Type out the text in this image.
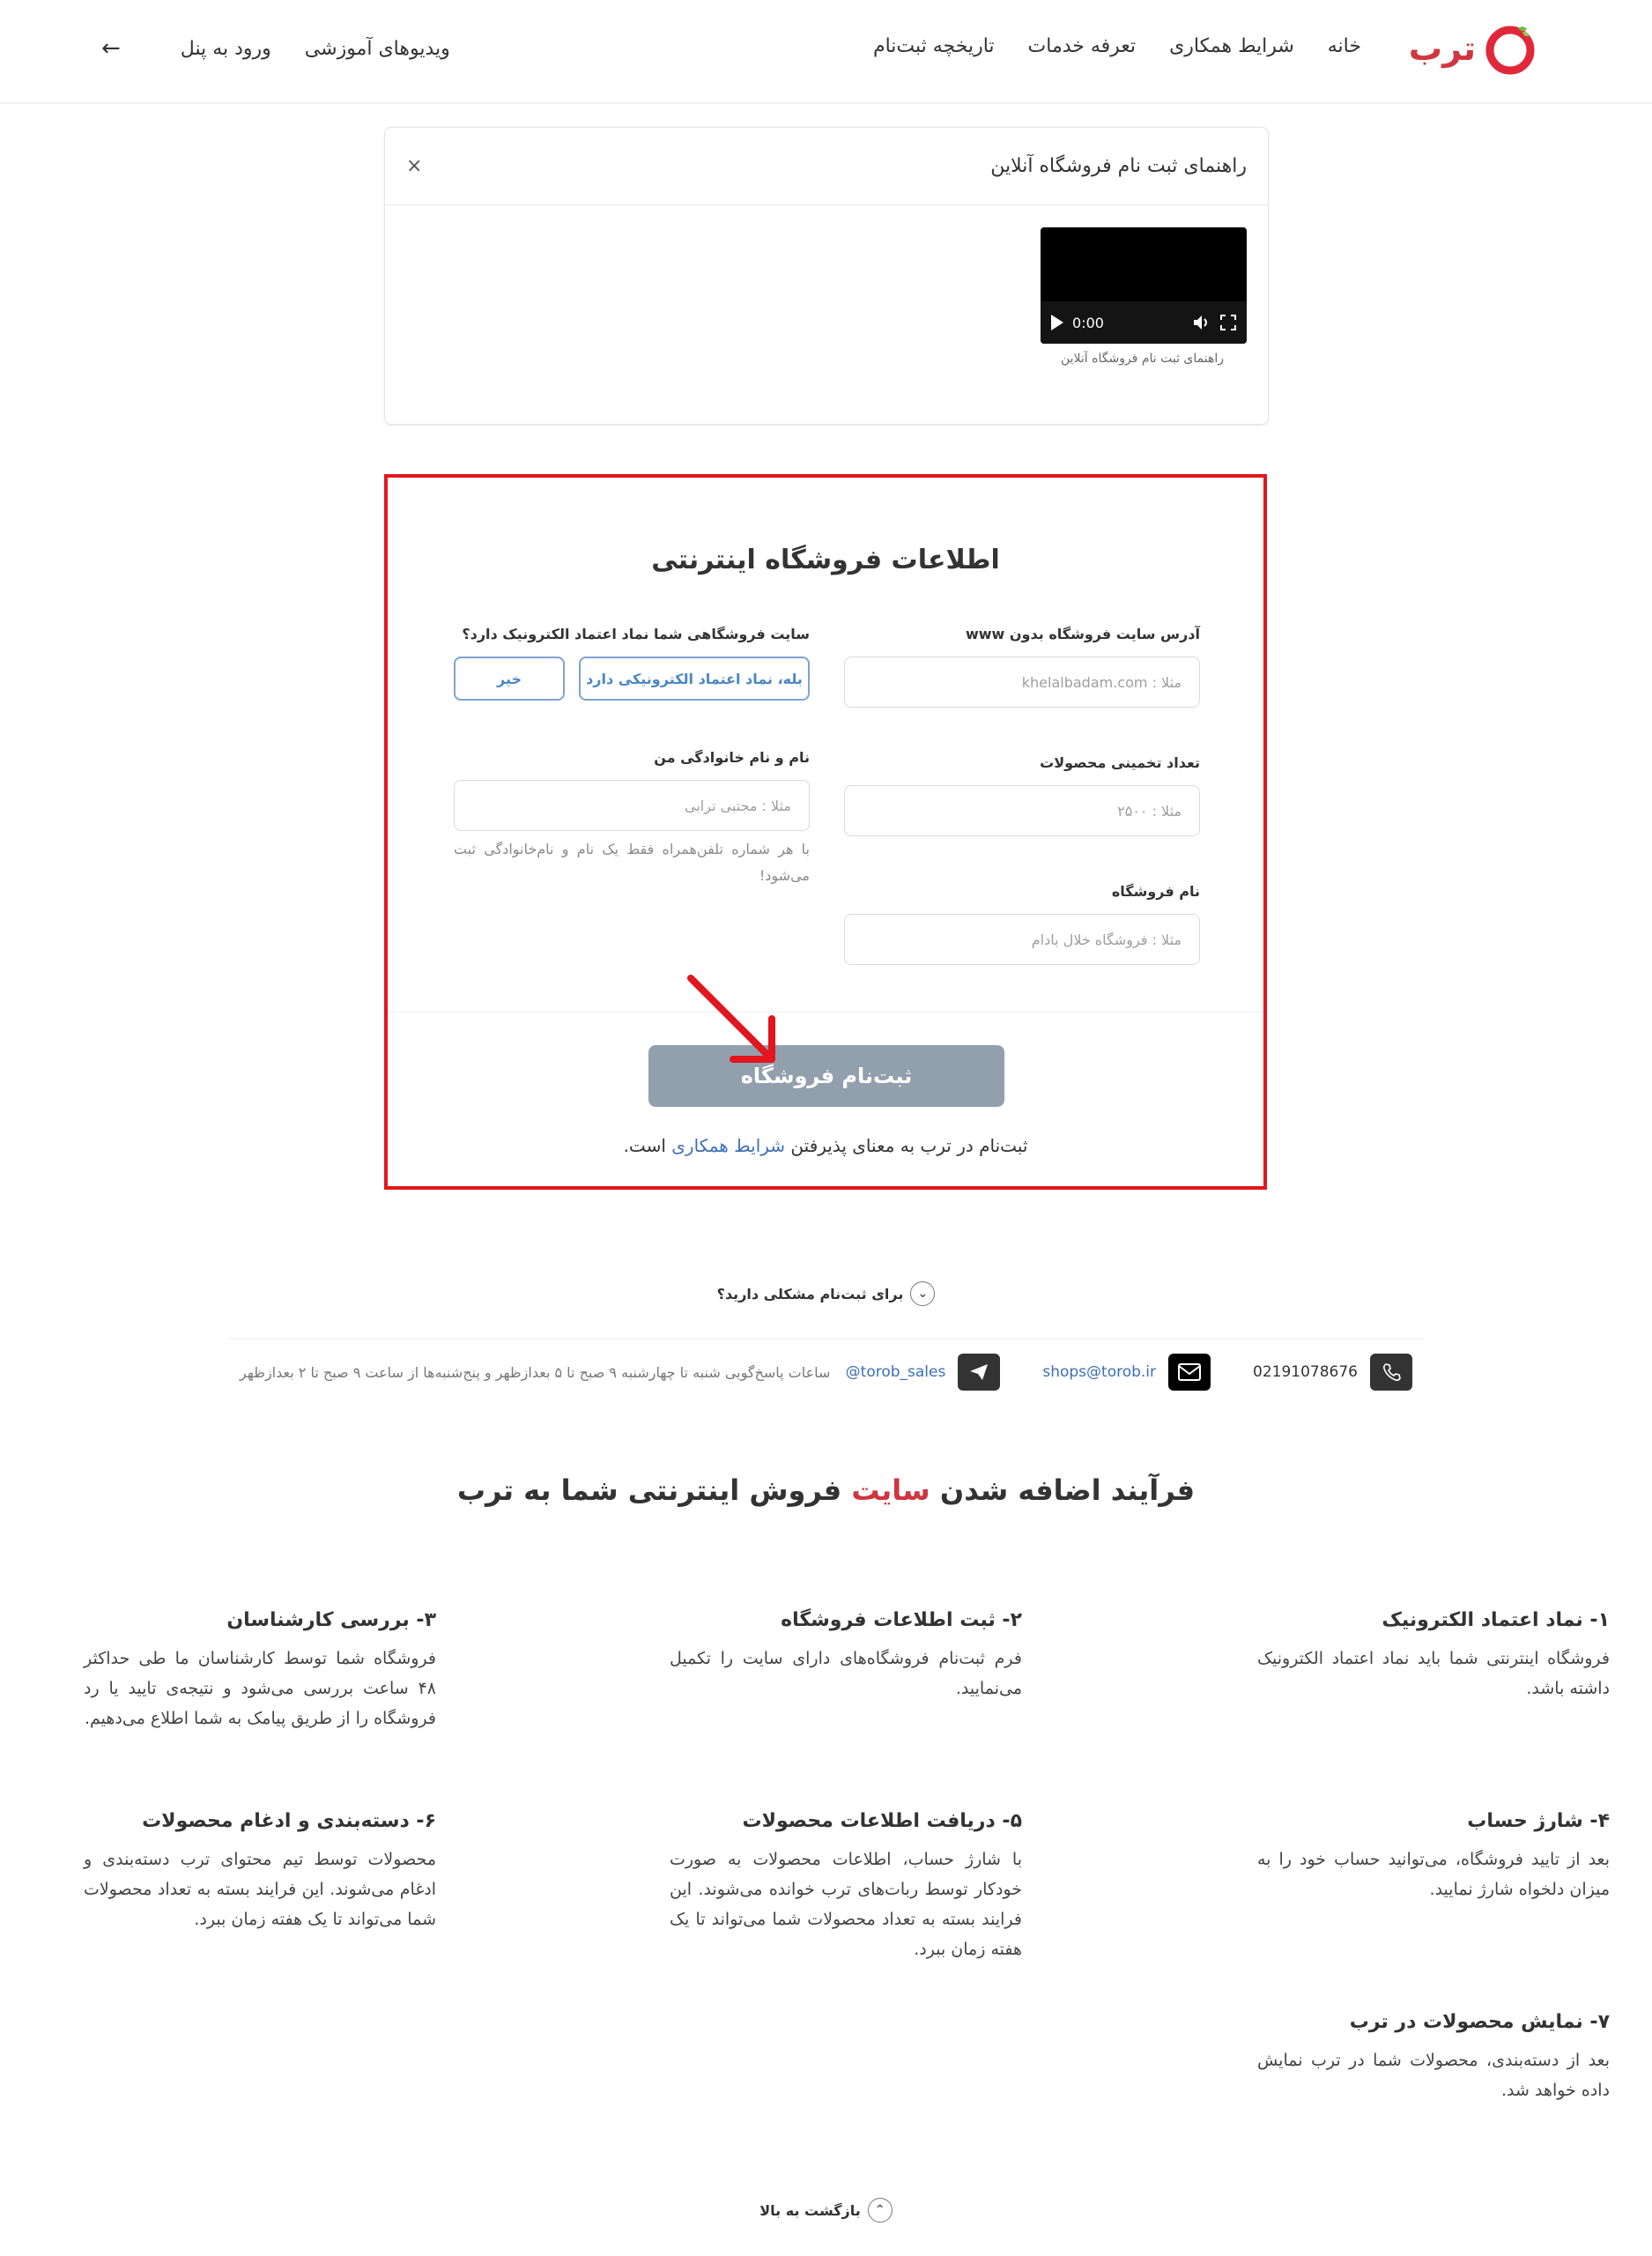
ترب
خانه
شرایط همکاری
تعرفه خدمات
تاریخچه ثبت‌نام
ویدیوهای آموزشی
ورود به پنل
←
راهنمای ثبت نام فروشگاه آنلاین
×
0:00
راهنمای ثبت نام فروشگاه آنلاین
اطلاعات فروشگاه اینترنتی
آدرس سایت فروشگاه بدون www
مثلا : khelalbadam.com
سایت فروشگاهی شما نماد اعتماد الکترونیک دارد؟
بله، نماد اعتماد الکترونیکی دارد
خیر
تعداد تخمینی محصولات
مثلا : ۲۵۰۰
نام و نام خانوادگی من
مثلا : مجتبی ترابی
با هر شماره تلفن‌همراه فقط یک نام و نام‌خانوادگی ثبت می‌شود!
نام فروشگاه
مثلا : فروشگاه خلال بادام
ثبت‌نام فروشگاه
ثبت‌نام در ترب به معنای پذیرفتن شرایط همکاری است.
⌄
برای ثبت‌نام مشکلی دارید؟
02191078676
shops@torob.ir
@torob_sales
ساعات پاسخ‌گویی شنبه تا چهارشنبه ۹ صبح تا ۵ بعدازظهر و پنج‌شنبه‌ها از ساعت ۹ صبح تا ۲ بعدازظهر
فرآیند اضافه شدن سایت فروش اینترنتی شما به ترب
۱- نماد اعتماد الکترونیک

فروشگاه اینترنتی شما باید نماد اعتماد الکترونیک داشته باشد.

۲- ثبت اطلاعات فروشگاه

فرم ثبت‌نام فروشگاه‌های دارای سایت را تکمیل می‌نمایید.

۳- بررسی کارشناسان

فروشگاه شما توسط کارشناسان ما طی حداکثر ۴۸ ساعت بررسی می‌شود و نتیجه‌ی تایید یا رد فروشگاه را از طریق پیامک به شما اطلاع می‌دهیم.

۴- شارژ حساب

بعد از تایید فروشگاه، می‌توانید حساب خود را به میزان دلخواه شارژ نمایید.

۵- دریافت اطلاعات محصولات

با شارژ حساب، اطلاعات محصولات به صورت خودکار توسط ربات‌های ترب خوانده می‌شوند. این فرایند بسته به تعداد محصولات شما می‌تواند تا یک هفته زمان ببرد.

۶- دسته‌بندی و ادغام محصولات

محصولات توسط تیم محتوای ترب دسته‌بندی و ادغام می‌شوند. این فرایند بسته به تعداد محصولات شما می‌تواند تا یک هفته زمان ببرد.

۷- نمایش محصولات در ترب

بعد از دسته‌بندی، محصولات شما در ترب نمایش داده خواهد شد.

⌃
بازگشت به بالا
